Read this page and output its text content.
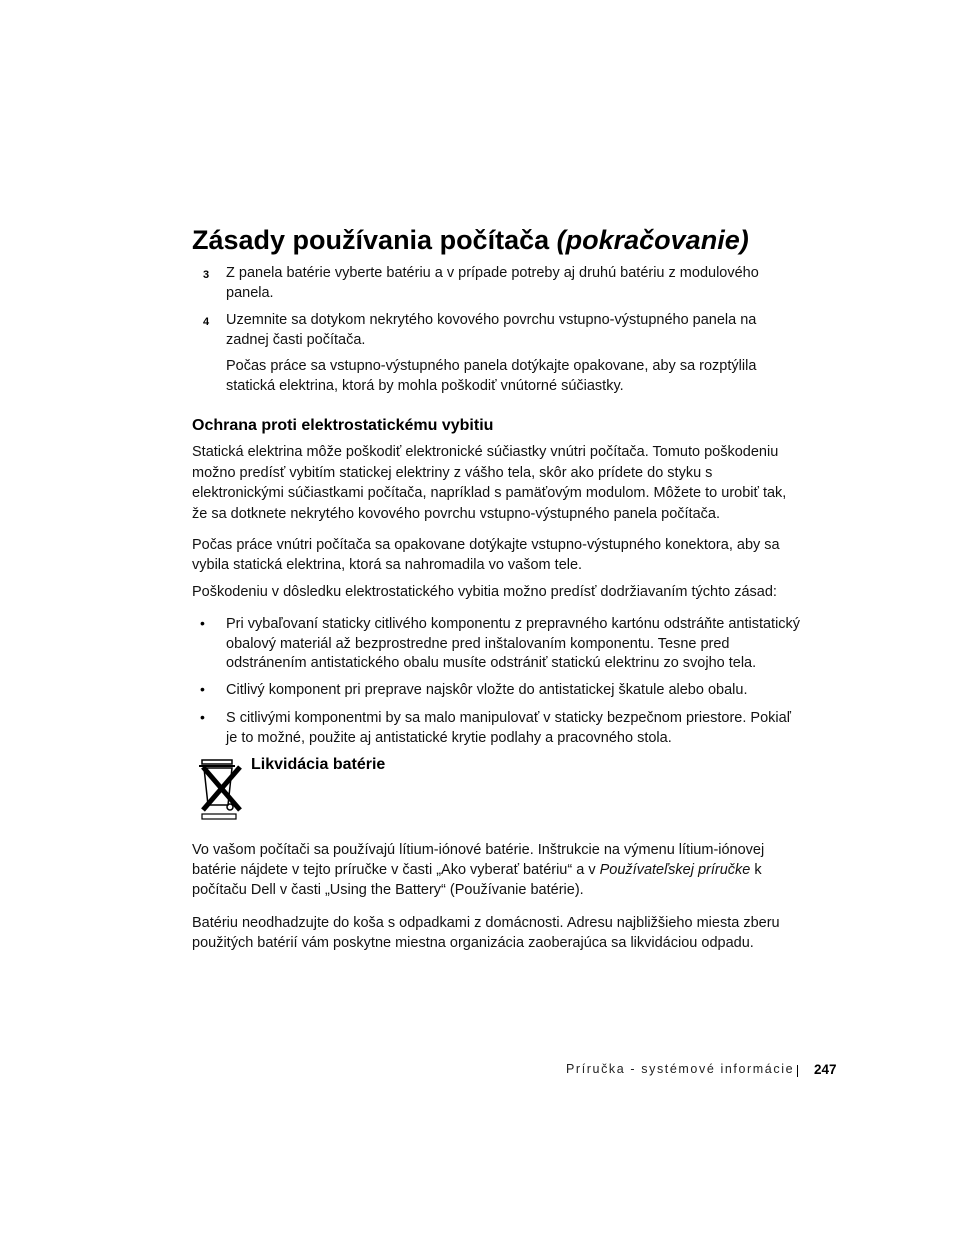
Zásady používania počítača (pokračovanie)
3	Z panela batérie vyberte batériu a v prípade potreby aj druhú batériu z modulového panela.

4	Uzemnite sa dotykom nekrytého kovového povrchu vstupno-výstupného panela na zadnej časti počítača.

Počas práce sa vstupno-výstupného panela dotýkajte opakovane, aby sa rozptýlila statická elektrina, ktorá by mohla poškodiť vnútorné súčiastky.

Ochrana proti elektrostatickému vybitiu

Statická elektrina môže poškodiť elektronické súčiastky vnútri počítača. Tomuto poškodeniu možno predísť vybitím statickej elektriny z vášho tela, skôr ako prídete do styku s elektronickými súčiastkami počítača, napríklad s pamäťovým modulom. Môžete to urobiť tak, že sa dotknete nekrytého kovového povrchu vstupno-výstupného panela počítača.

Počas práce vnútri počítača sa opakovane dotýkajte vstupno-výstupného konektora, aby sa vybila statická elektrina, ktorá sa nahromadila vo vašom tele.

Poškodeniu v dôsledku elektrostatického vybitia možno predísť dodržiavaním týchto zásad:

• Pri vybaľovaní staticky citlivého komponentu z prepravného kartónu odstráňte antistatický obalový materiál až bezprostredne pred inštalovaním komponentu. Tesne pred odstránením antistatického obalu musíte odstrániť statickú elektrinu zo svojho tela.

• Citlivý komponent pri preprave najskôr vložte do antistatickej škatule alebo obalu.

• S citlivými komponentmi by sa malo manipulovať v staticky bezpečnom priestore. Pokiaľ je to možné, použite aj antistatické krytie podlahy a pracovného stola.

Likvidácia batérie

Vo vašom počítači sa používajú lítium-iónové batérie. Inštrukcie na výmenu lítium-iónovej batérie nájdete v tejto príručke v časti „Ako vyberať batériu“ a v Používateľskej príručke k počítaču Dell v časti „Using the Battery“ (Používanie batérie).

Batériu neodhadzujte do koša s odpadkami z domácnosti. Adresu najbližšieho miesta zberu použitých batérií vám poskytne miestna organizácia zaoberajúca sa likvidáciou odpadu.

Príručka - systémové informácie 247
